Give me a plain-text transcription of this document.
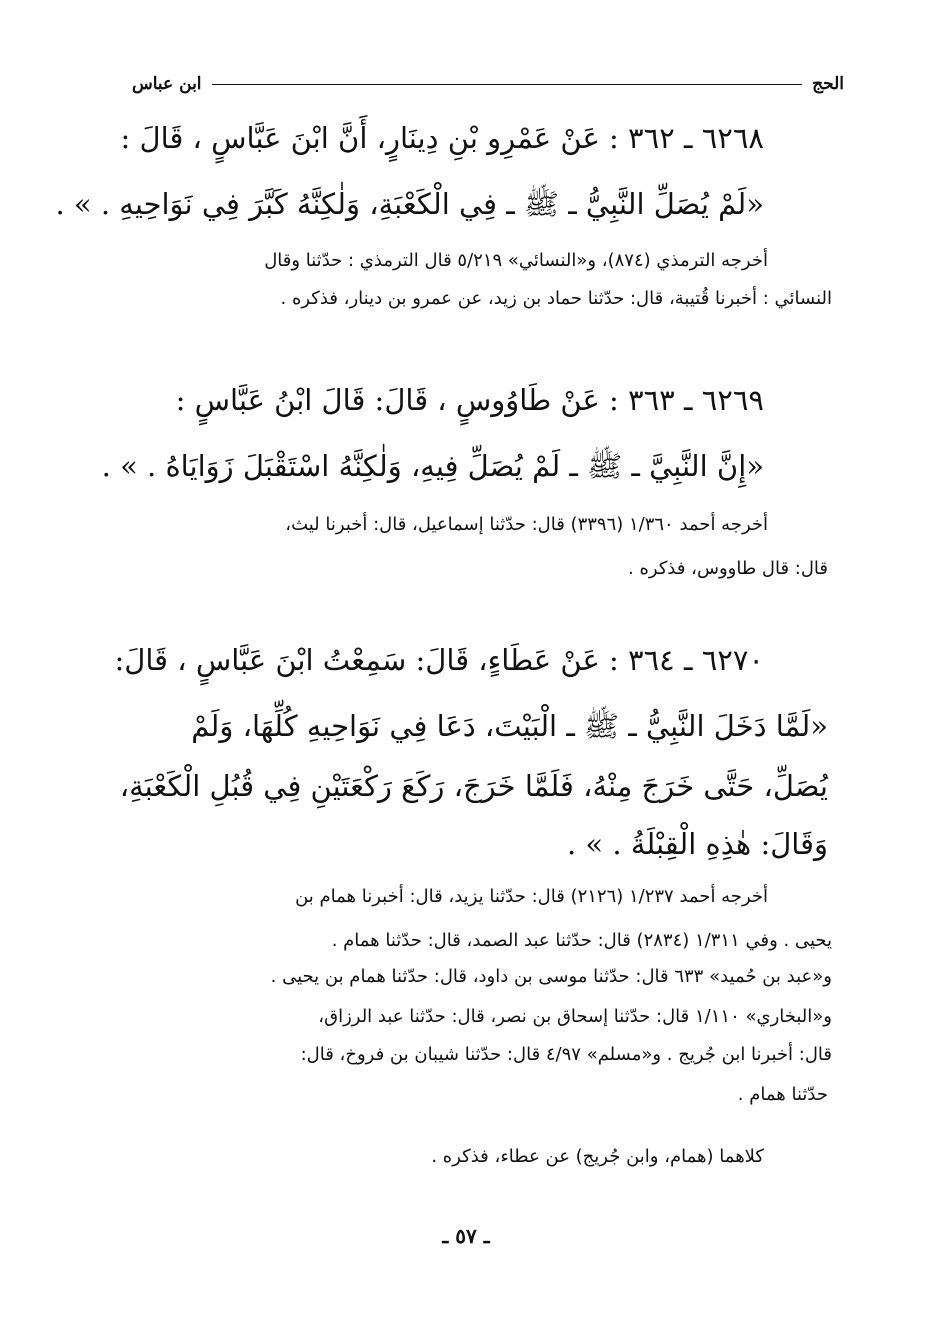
الحج
ابن عباس
٦٢٦٨ ـ ٣٦٢ : عَنْ عَمْرِو بْنِ دِينَارٍ، أَنَّ ابْنَ عَبَّاسٍ ، قَالَ :
«لَمْ يُصَلِّ النَّبِيُّ ـ ﷺ ـ فِي الْكَعْبَةِ، وَلٰكِنَّهُ كَبَّرَ فِي نَوَاحِيهِ . » .

أخرجه الترمذي (٨٧٤)، و«النسائي» ٥/٢١٩ قال الترمذي : حدّثنا وقال

النسائي : أخبرنا قُتيبة، قال: حدّثنا حماد بن زيد، عن عمرو بن دينار، فذكره .

٦٢٦٩ ـ ٣٦٣ : عَنْ طَاوُوسٍ ، قَالَ: قَالَ ابْنُ عَبَّاسٍ :
«إِنَّ النَّبِيَّ ـ ﷺ ـ لَمْ يُصَلِّ فِيهِ، وَلٰكِنَّهُ اسْتَقْبَلَ زَوَايَاهُ . » .

أخرجه أحمد ١/٣٦٠ (٣٣٩٦) قال: حدّثنا إسماعيل، قال: أخبرنا ليث،

قال: قال طاووس، فذكره .

٦٢٧٠ ـ ٣٦٤ : عَنْ عَطَاءٍ، قَالَ: سَمِعْتُ ابْنَ عَبَّاسٍ ، قَالَ:
«لَمَّا دَخَلَ النَّبِيُّ ـ ﷺ ـ الْبَيْتَ، دَعَا فِي نَوَاحِيهِ كُلِّهَا، وَلَمْ
يُصَلِّ، حَتَّى خَرَجَ مِنْهُ، فَلَمَّا خَرَجَ، رَكَعَ رَكْعَتَيْنِ فِي قُبُلِ الْكَعْبَةِ،
وَقَالَ: هٰذِهِ الْقِبْلَةُ . » .

أخرجه أحمد ١/٢٣٧ (٢١٢٦) قال: حدّثنا يزيد، قال: أخبرنا همام بن

يحيى . وفي ١/٣١١ (٢٨٣٤) قال: حدّثنا عبد الصمد، قال: حدّثنا همام .

و«عبد بن حُميد» ٦٣٣ قال: حدّثنا موسى بن داود، قال: حدّثنا همام بن يحيى .

و«البخاري» ١/١١٠ قال: حدّثنا إسحاق بن نصر، قال: حدّثنا عبد الرزاق،

قال: أخبرنا ابن جُريج . و«مسلم» ٤/٩٧ قال: حدّثنا شيبان بن فروخ، قال:

حدّثنا همام .

كلاهما (همام، وابن جُريج) عن عطاء، فذكره .

ـ ٥٧ ـ
